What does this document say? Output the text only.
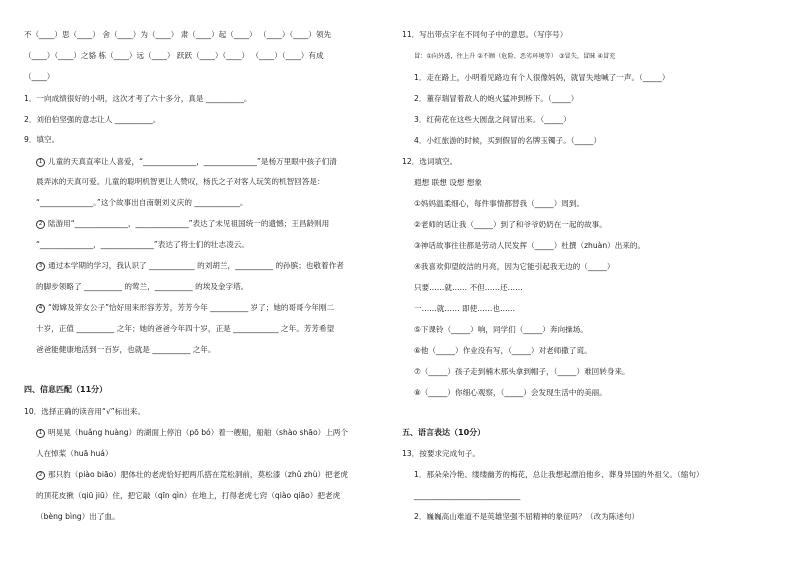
不（____）思（____） 舍（____）为（____） 肃（____）起（____） （____）（____）领先
（____）（____）之貉 栋（____）远（____） 跃跃（____）（____） （____）（____）有成
（____）
1．一向成绩很好的小明，这次才考了六十多分，真是 __________。
2．刘伯伯坚强的意志让人 __________。
9．填空。
1 儿童的天真直率让人喜爱，“______________，______________”是杨万里眼中孩子们清
晨弄冰的天真可爱。儿童的聪明机智更让人赞叹，杨氏之子对客人玩笑的机智回答是：
“______________。”这个故事出自南朝刘义庆的 ____________。
2 陆游用“______________，______________”表达了未见祖国统一的遗憾；王昌龄则用
“______________，______________”表达了将士们的壮志凌云。
3 通过本学期的学习，我认识了 ____________ 的刘胡兰，__________ 的孙膑；也敬着作者
的脚步领略了 __________ 的莺兰，__________ 的埃及金字塔。
4 “姆嫦及笄女公子”恰好用来形容芳芳，芳芳今年 __________ 岁了；她的哥哥今年刚二
十岁，正值 __________ 之年；她的爸爸今年四十岁，正是 ____________ 之年。芳芳希望
爸爸能健康地活到一百岁，也就是 __________ 之年。
四、信息匹配（11分）
10．选择正确的读音用“√”标出来。
1 明晃晃（huǎng huàng）的湖面上停泊（pō bó）着一艘船，船舶（shào shāo）上两个
人在悼桨（huā huá）
2 那只豹（piào biāo）肥体壮的老虎恰好把两爪搭在荒松洞前，莫松漆（zhǔ zhù）把老虎
的顶花皮揪（qiū jiū）住，把它敲（qīn qìn）在地上，打得老虎七窍（qiào qiāo）把老虎
（bèng bìng）出了血。
11．写出带点字在不同句子中的意思。（写序号）
冒：①向外透，往上升 ②不顾（危险、恶劣环境等） ③冒失，冒昧 ④冒充
1．走在路上，小明看见路边有个人很像妈妈，就冒失地喊了一声。（_____）
2．董存瑞冒着敌人的炮火猛冲到桥下。（_____）
3．红荷花在这些大圆盘之间冒出来。（_____）
4．小红旅游的时候，买到假冒的名牌玉镯子。（_____）
12．选词填空。
遐想 联想 设想 想象
①妈妈温柔细心，每件事情都替我（_____）周到。
②老师的话让我（_____）到了和爷爷奶奶在一起的故事。
③神话故事往往都是劳动人民发挥（_____）杜撰（zhuàn）出来的。
④我喜欢仰望皎洁的月亮，因为它能引起我无边的（_____）
只要……就…… 不但……还……
一……就…… 即使……也……
⑤下课铃（_____）响，同学们（_____）奔向操场。
⑥他（_____）作业没有写，（_____）对老师撒了谎。
⑦（_____）孩子走到楠木那头拿到帽子，（_____）难回转身来。
⑧（_____）你细心观察，（_____）会发现生活中的美丽。
五、语言表达（10分）
13．按要求完成句子。
1．那朵朵冷艳、缕缕幽芳的梅花，总让我想起漂泊他乡、葬身异国的外祖父。（缩句）
____________________________
2．巍巍高山难道不是英雄坚强不屈精神的象征吗？（改为陈述句）
